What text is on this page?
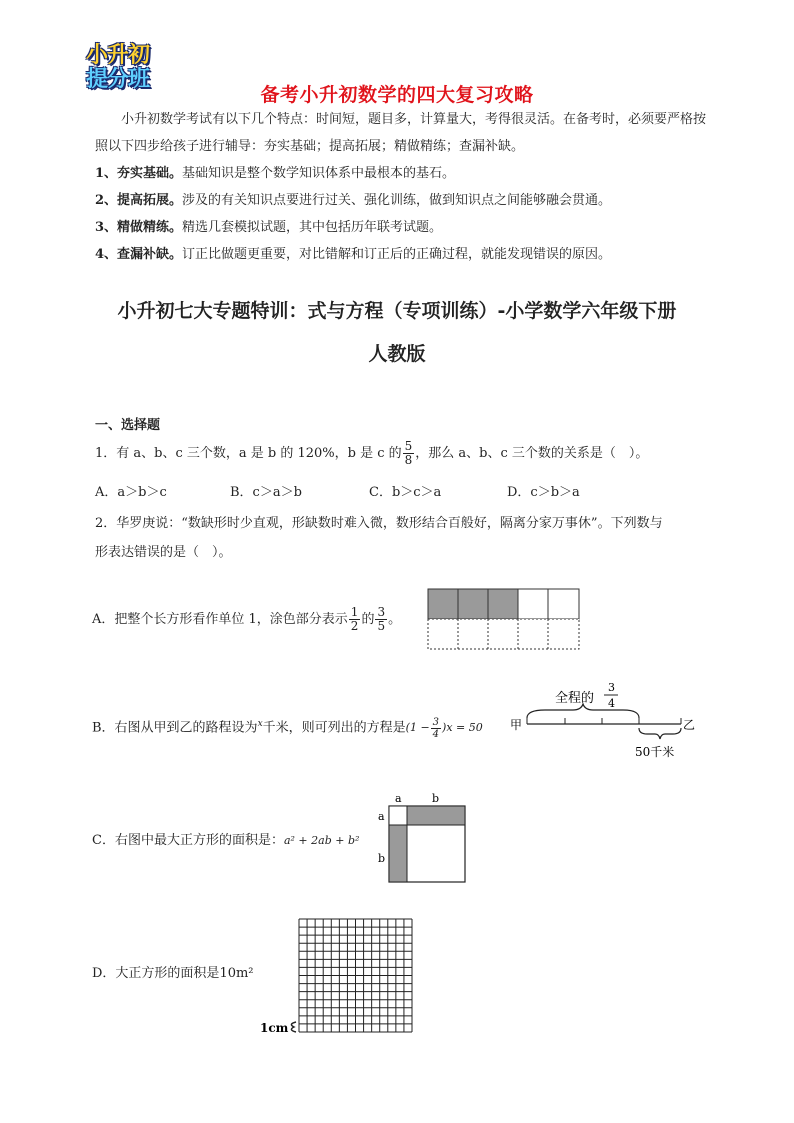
小升初
提分班
备考小升初数学的四大复习攻略
小升初数学考试有以下几个特点：时间短，题目多，计算量大，考得很灵活。在备考时，必须要严格按照以下四步给孩子进行辅导：夯实基础；提高拓展；精做精练；查漏补缺。
1、夯实基础。基础知识是整个数学知识体系中最根本的基石。
2、提高拓展。涉及的有关知识点要进行过关、强化训练，做到知识点之间能够融会贯通。
3、精做精练。精选几套模拟试题，其中包括历年联考试题。
4、查漏补缺。订正比做题更重要，对比错解和订正后的正确过程，就能发现错误的原因。
小升初七大专题特训：式与方程（专项训练）-小学数学六年级下册
人教版
一、选择题
1．有 a、b、c 三个数，a 是 b 的 120%，b 是 c 的 $\frac{5}{8}$ ，那么 a、b、c 三个数的关系是（　）。
A．a＞b＞c	B．c＞a＞b	C．b＞c＞a	D．c＞b＞a
2．华罗庚说：“数缺形时少直观，形缺数时难入微，数形结合百般好，隔离分家万事休”。下列数与
形表达错误的是（　）。
A．把整个长方形看作单位 1，涂色部分表示 $\frac{1}{2}$ 的 $\frac{3}{5}$ 。
B．右图从甲到乙的路程设为$^x$千米，则可列出的方程是$(1 - \frac{3}{4} )x = 50$
全程的
3
4
甲	乙
50千米
C．右图中最大正方形的面积是：a² + 2ab + b²
a	b
a
b
D．大正方形的面积是10m²
1cm
